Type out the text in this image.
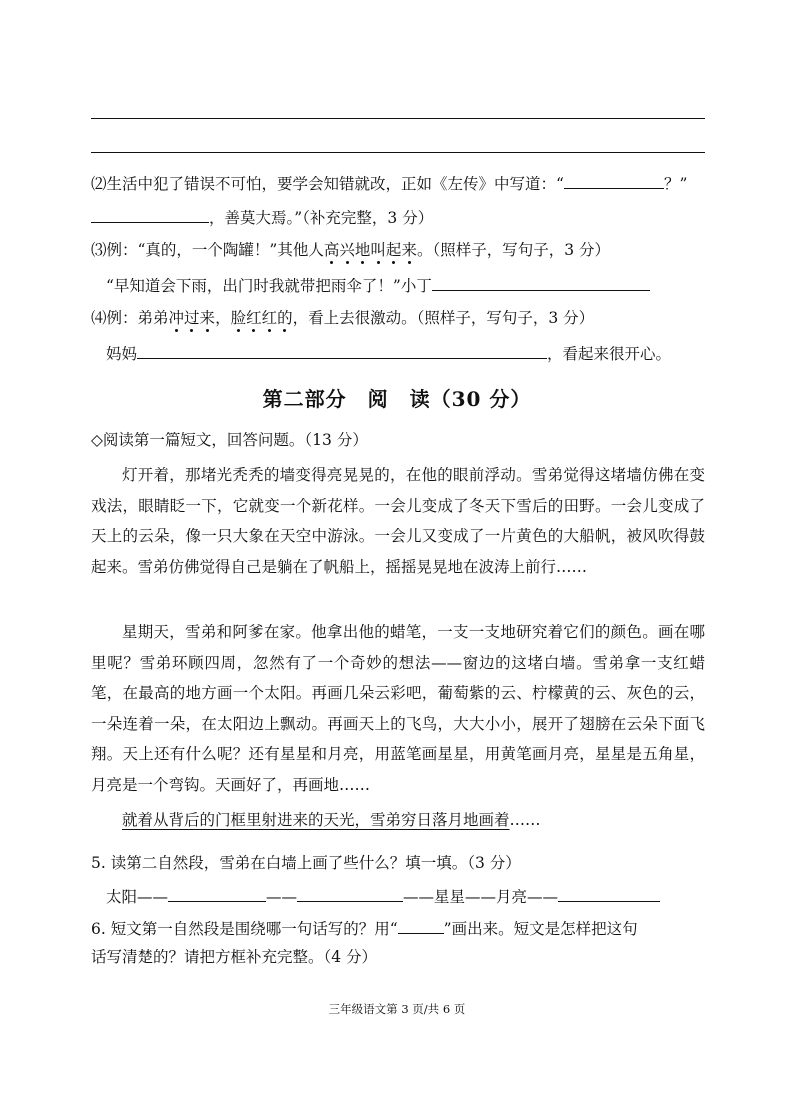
⑵生活中犯了错误不可怕，要学会知错就改，正如《左传》中写道：“	？”
，善莫大焉。”（补充完整，3 分）
⑶例：“真的，一个陶罐！”其他人高兴地叫起来。（照样子，写句子，3 分）
“早知道会下雨，出门时我就带把雨伞了！”小丁
⑷例：弟弟冲过来，脸红红的，看上去很激动。（照样子，写句子，3 分）
妈妈	，看起来很开心。
第二部分　阅　读（30 分）
◇阅读第一篇短文，回答问题。（13 分）
灯开着，那堵光秃秃的墙变得亮晃晃的，在他的眼前浮动。雪弟觉得这堵墙仿佛在变戏法，眼睛眨一下，它就变一个新花样。一会儿变成了冬天下雪后的田野。一会儿变成了天上的云朵，像一只大象在天空中游泳。一会儿又变成了一片黄色的大船帆，被风吹得鼓起来。雪弟仿佛觉得自己是躺在了帆船上，摇摇晃晃地在波涛上前行……
星期天，雪弟和阿爹在家。他拿出他的蜡笔，一支一支地研究着它们的颜色。画在哪里呢？雪弟环顾四周，忽然有了一个奇妙的想法——窗边的这堵白墙。雪弟拿一支红蜡笔，在最高的地方画一个太阳。再画几朵云彩吧，葡萄紫的云、柠檬黄的云、灰色的云，一朵连着一朵，在太阳边上飘动。再画天上的飞鸟，大大小小，展开了翅膀在云朵下面飞翔。天上还有什么呢？还有星星和月亮，用蓝笔画星星，用黄笔画月亮，星星是五角星，月亮是一个弯钩。天画好了，再画地……
就着从背后的门框里射进来的天光，雪弟穷日落月地画着……
5. 读第二自然段，雪弟在白墙上画了些什么？填一填。（3 分）
太阳——	——	——星星——月亮——
6. 短文第一自然段是围绕哪一句话写的？用“	”画出来。短文是怎样把这句
话写清楚的？请把方框补充完整。（4 分）
三年级语文第 3 页/共 6 页
